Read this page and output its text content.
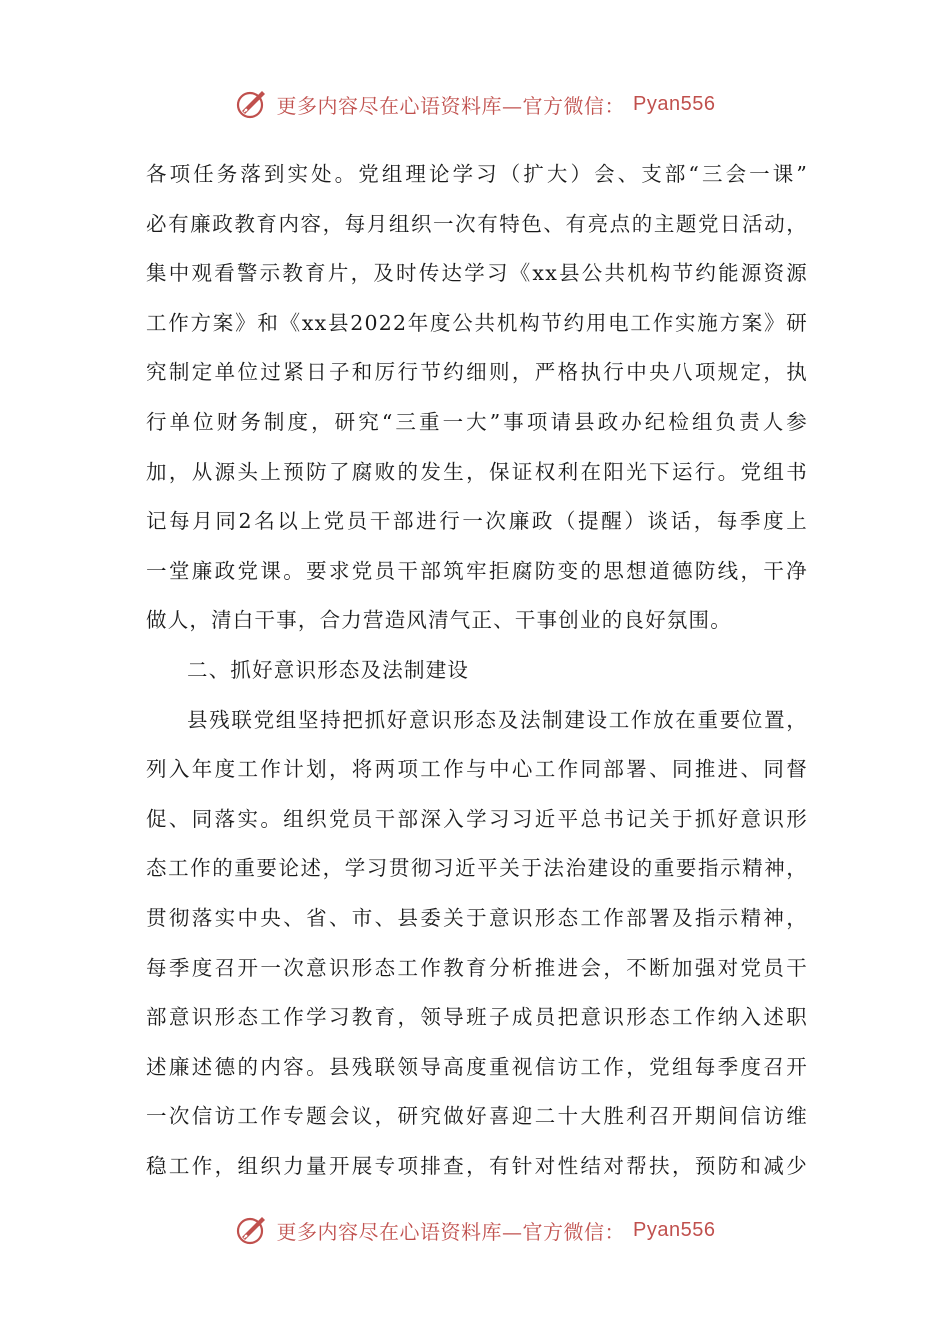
更多内容尽在心语资料库—官方微信： Pyan556
各项任务落到实处。党组理论学习（扩大）会、支部“三会一课”
必有廉政教育内容，每月组织一次有特色、有亮点的主题党日活动，
集中观看警示教育片，及时传达学习《xx县公共机构节约能源资源
工作方案》和《xx县2022年度公共机构节约用电工作实施方案》研
究制定单位过紧日子和厉行节约细则，严格执行中央八项规定，执
行单位财务制度，研究“三重一大”事项请县政办纪检组负责人参
加，从源头上预防了腐败的发生，保证权利在阳光下运行。党组书
记每月同2名以上党员干部进行一次廉政（提醒）谈话，每季度上
一堂廉政党课。要求党员干部筑牢拒腐防变的思想道德防线，干净
做人，清白干事，合力营造风清气正、干事创业的良好氛围。
二、抓好意识形态及法制建设
县残联党组坚持把抓好意识形态及法制建设工作放在重要位置，
列入年度工作计划，将两项工作与中心工作同部署、同推进、同督
促、同落实。组织党员干部深入学习习近平总书记关于抓好意识形
态工作的重要论述，学习贯彻习近平关于法治建设的重要指示精神，
贯彻落实中央、省、市、县委关于意识形态工作部署及指示精神，
每季度召开一次意识形态工作教育分析推进会，不断加强对党员干
部意识形态工作学习教育，领导班子成员把意识形态工作纳入述职
述廉述德的内容。县残联领导高度重视信访工作，党组每季度召开
一次信访工作专题会议，研究做好喜迎二十大胜利召开期间信访维
稳工作，组织力量开展专项排查，有针对性结对帮扶，预防和减少
更多内容尽在心语资料库—官方微信： Pyan556
